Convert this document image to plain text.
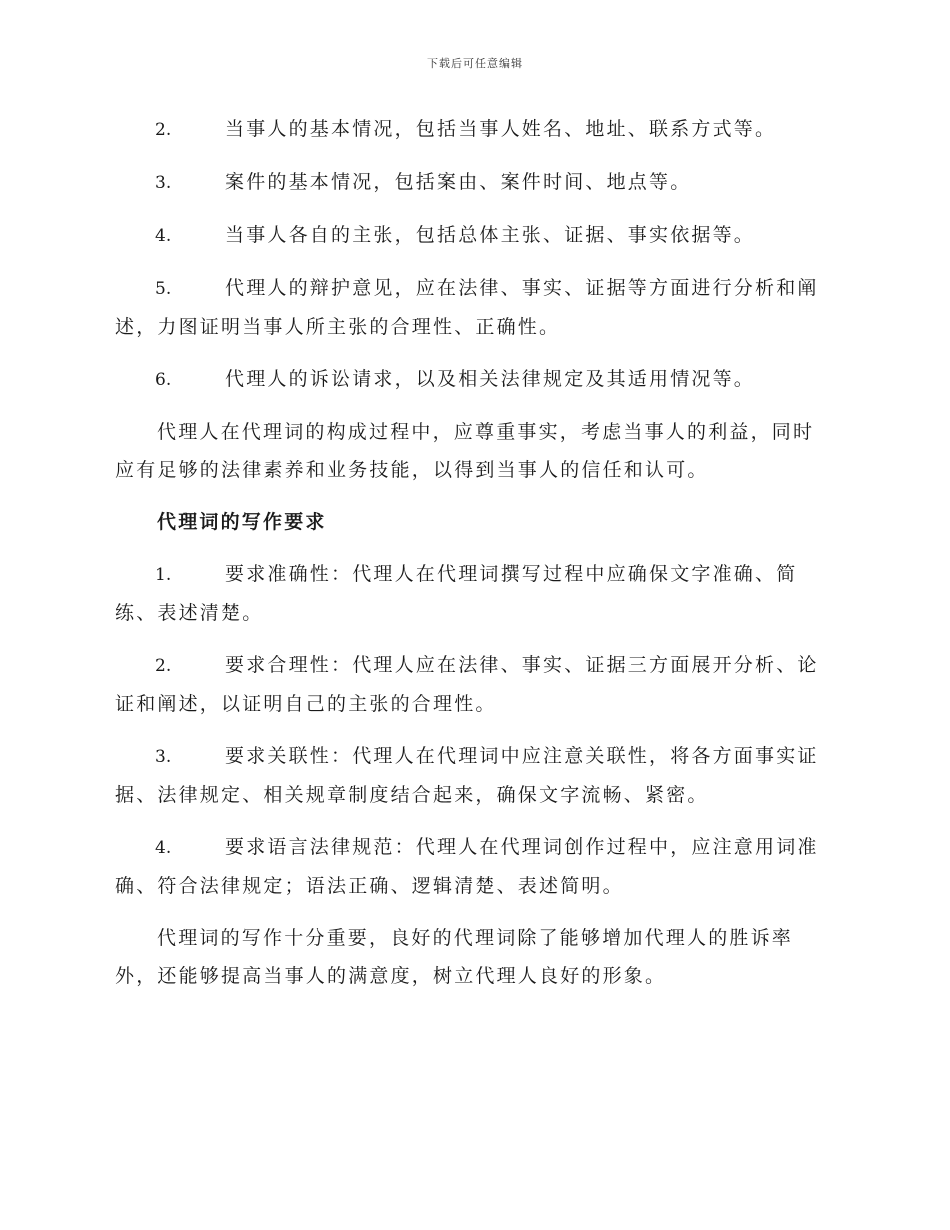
下载后可任意编辑
2.	当事人的基本情况，包括当事人姓名、地址、联系方式等。
3.	案件的基本情况，包括案由、案件时间、地点等。
4.	当事人各自的主张，包括总体主张、证据、事实依据等。
5.	代理人的辩护意见，应在法律、事实、证据等方面进行分析和阐述，力图证明当事人所主张的合理性、正确性。
6.	代理人的诉讼请求，以及相关法律规定及其适用情况等。
代理人在代理词的构成过程中，应尊重事实，考虑当事人的利益，同时应有足够的法律素养和业务技能，以得到当事人的信任和认可。
代理词的写作要求
1.	要求准确性：代理人在代理词撰写过程中应确保文字准确、简练、表述清楚。
2.	要求合理性：代理人应在法律、事实、证据三方面展开分析、论证和阐述，以证明自己的主张的合理性。
3.	要求关联性：代理人在代理词中应注意关联性，将各方面事实证据、法律规定、相关规章制度结合起来，确保文字流畅、紧密。
4.	要求语言法律规范：代理人在代理词创作过程中，应注意用词准确、符合法律规定；语法正确、逻辑清楚、表述简明。
代理词的写作十分重要，良好的代理词除了能够增加代理人的胜诉率外，还能够提高当事人的满意度，树立代理人良好的形象。
